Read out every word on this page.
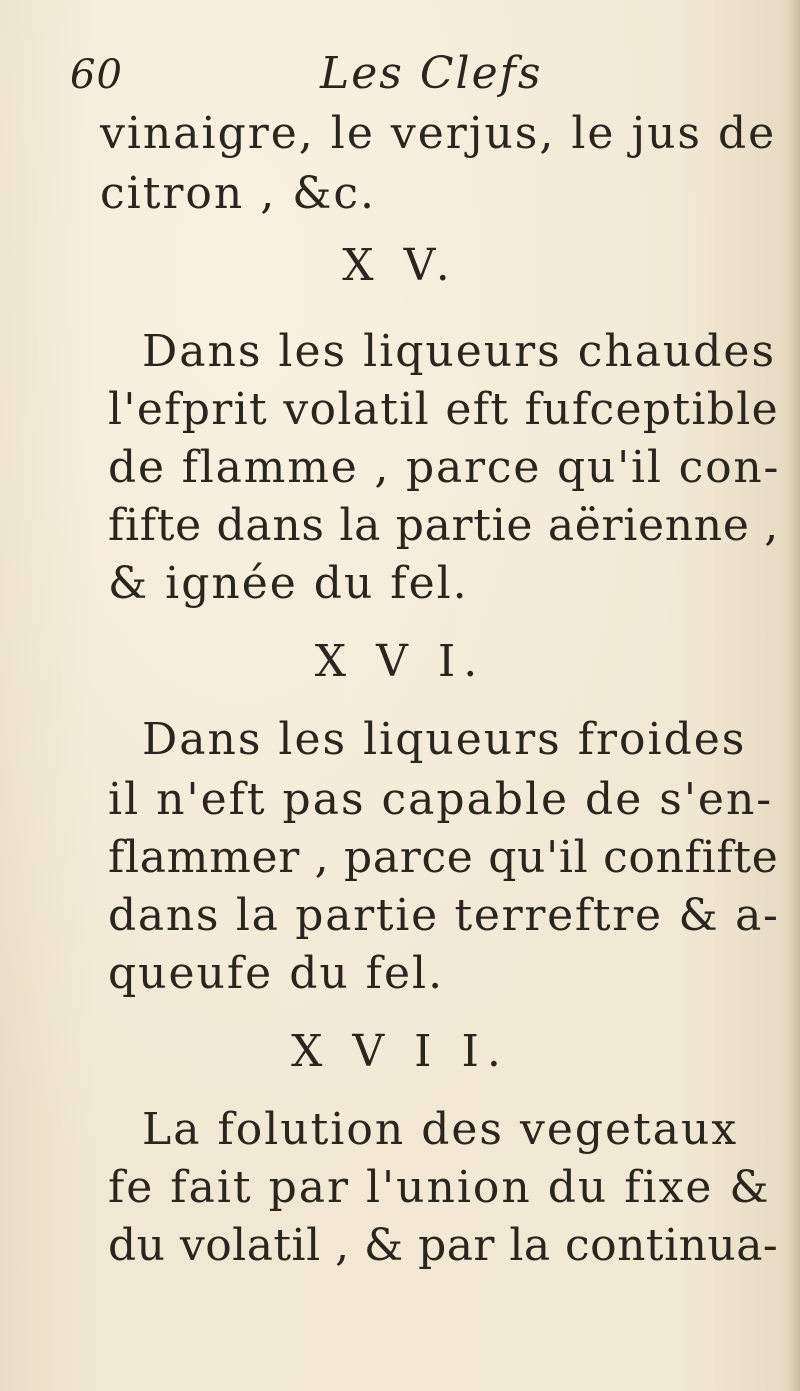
60	Les Clefs
vinaigre, le verjus, le jus de
citron , &c.
X V.
Dans les liqueurs chaudes
l'efprit volatil eft fufceptible
de flamme , parce qu'il con-
fifte dans la partie aërienne ,
& ignée du fel.
X V I.
Dans les liqueurs froides
il n'eft pas capable de s'en-
flammer , parce qu'il confifte
dans la partie terreftre & a-
queufe du fel.
X V I I.
La folution des vegetaux
fe fait par l'union du fixe &
du volatil , & par la continua-
